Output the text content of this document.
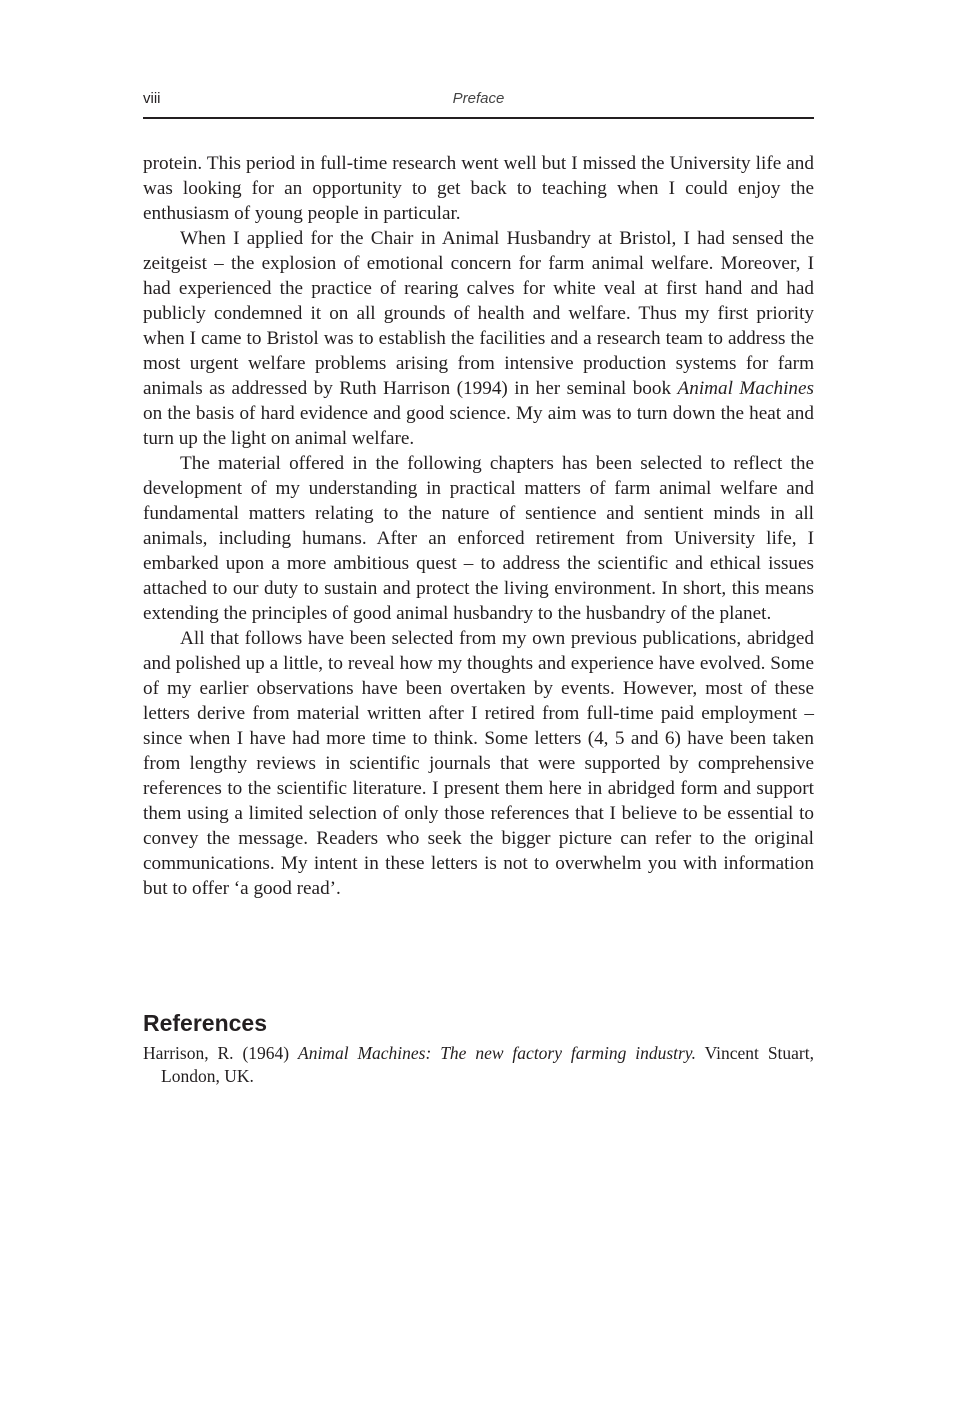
viii	Preface

protein. This period in full-time research went well but I missed the University life and was looking for an opportunity to get back to teaching when I could enjoy the enthusiasm of young people in particular.

When I applied for the Chair in Animal Husbandry at Bristol, I had sensed the zeitgeist – the explosion of emotional concern for farm animal welfare. Moreover, I had experienced the practice of rearing calves for white veal at first hand and had publicly condemned it on all grounds of health and welfare. Thus my first priority when I came to Bristol was to establish the facilities and a research team to address the most urgent welfare problems arising from intensive production systems for farm animals as addressed by Ruth Harrison (1994) in her seminal book Animal Machines on the basis of hard evidence and good science. My aim was to turn down the heat and turn up the light on animal welfare.

The material offered in the following chapters has been selected to reflect the development of my understanding in practical matters of farm animal welfare and fundamental matters relating to the nature of sentience and sentient minds in all animals, including humans. After an enforced retirement from University life, I embarked upon a more ambitious quest – to address the scientific and ethical issues attached to our duty to sustain and protect the living environment. In short, this means extending the principles of good animal husbandry to the husbandry of the planet.

All that follows have been selected from my own previous publications, abridged and polished up a little, to reveal how my thoughts and experience have evolved. Some of my earlier observations have been overtaken by events. However, most of these letters derive from material written after I retired from full-time paid employment – since when I have had more time to think. Some letters (4, 5 and 6) have been taken from lengthy reviews in scientific journals that were supported by comprehensive references to the scientific literature. I present them here in abridged form and support them using a limited selection of only those references that I believe to be essential to convey the message. Readers who seek the bigger picture can refer to the original communications. My intent in these letters is not to overwhelm you with information but to offer ‘a good read’.

References

Harrison, R. (1964) Animal Machines: The new factory farming industry. Vincent Stuart, London, UK.
